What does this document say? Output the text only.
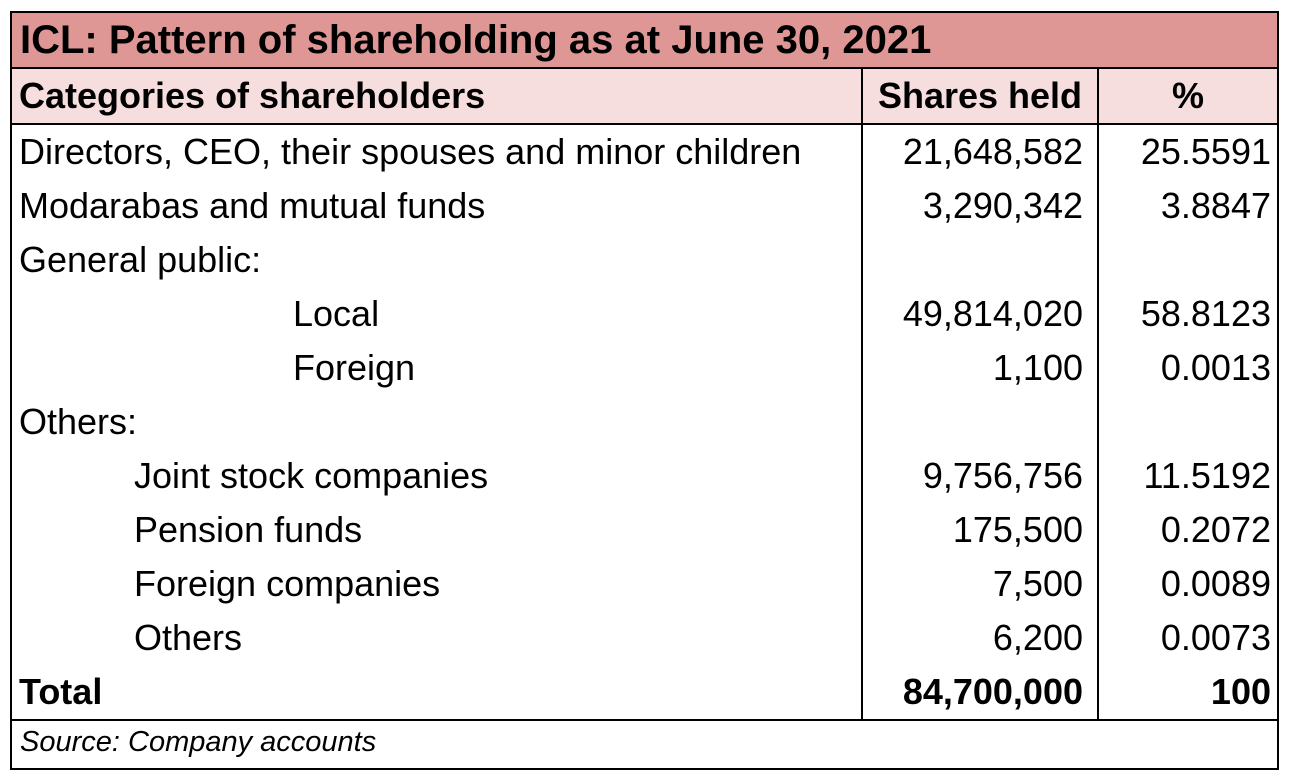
ICL: Pattern of shareholding as at June 30, 2021
Categories of shareholders	Shares held	%
Directors, CEO, their spouses and minor children	21,648,582	25.5591
Modarabas and mutual funds	3,290,342	3.8847
General public:		
Local	49,814,020	58.8123
Foreign	1,100	0.0013
Others:		
Joint stock companies	9,756,756	11.5192
Pension funds	175,500	0.2072
Foreign companies	7,500	0.0089
Others	6,200	0.0073
Total	84,700,000	100
Source: Company accounts
